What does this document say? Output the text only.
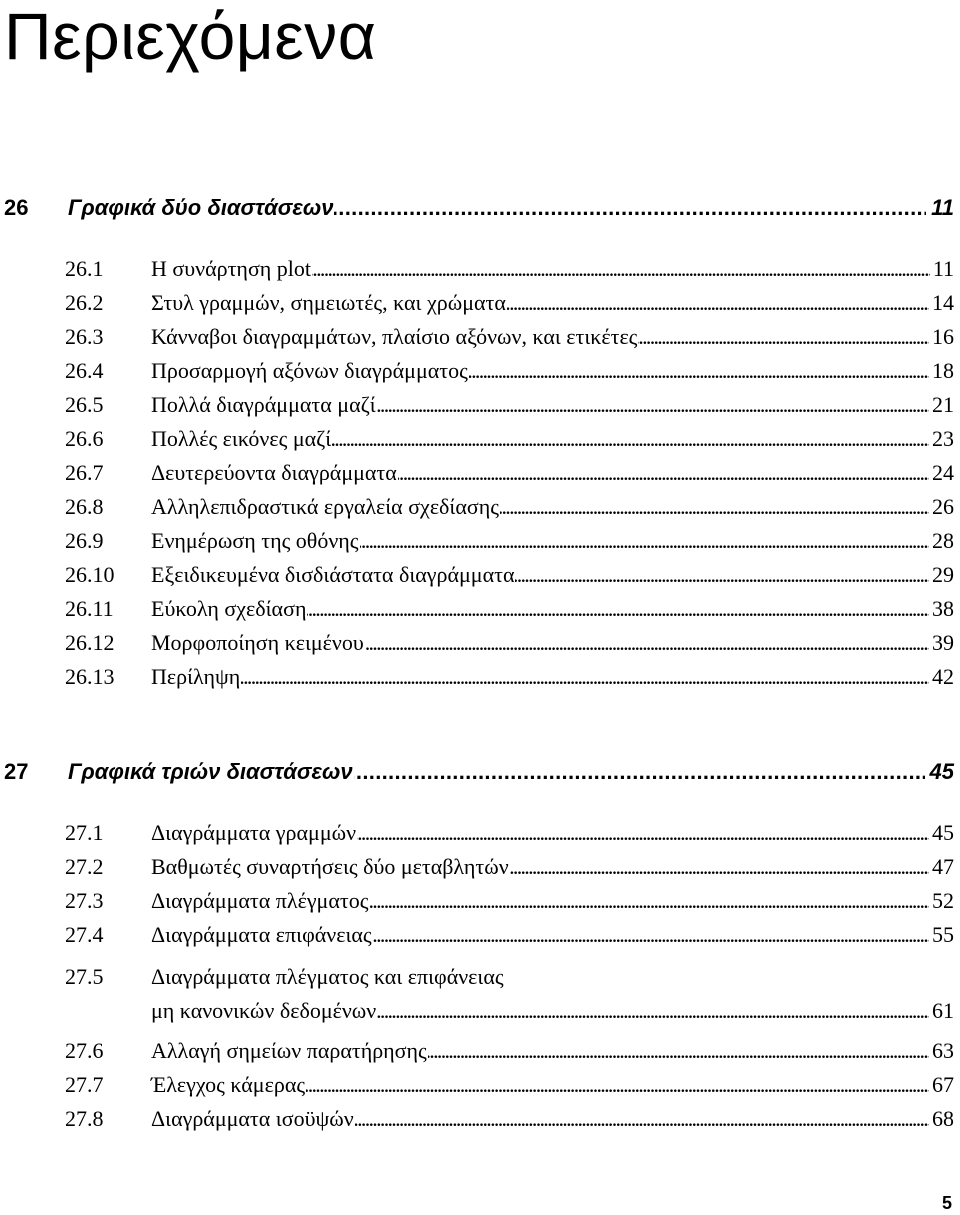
Περιεχόμενα
26	Γραφικά δύο διαστάσεων . . .	11
26.1	Η συνάρτηση plot . . .	11
26.2	Στυλ γραμμών, σημειωτές, και χρώματα . . .	14
26.3	Κάνναβοι διαγραμμάτων, πλαίσιο αξόνων, και ετικέτες . . .	16
26.4	Προσαρμογή αξόνων διαγράμματος . . .	18
26.5	Πολλά διαγράμματα μαζί . . .	21
26.6	Πολλές εικόνες μαζί . . .	23
26.7	Δευτερεύοντα διαγράμματα . . .	24
26.8	Αλληλεπιδραστικά εργαλεία σχεδίασης . . .	26
26.9	Ενημέρωση της οθόνης . . .	28
26.10	Εξειδικευμένα δισδιάστατα διαγράμματα . . .	29
26.11	Εύκολη σχεδίαση . . .	38
26.12	Μορφοποίηση κειμένου . . .	39
26.13	Περίληψη . . .	42
27	Γραφικά τριών διαστάσεων . . .	45
27.1	Διαγράμματα γραμμών . . .	45
27.2	Βαθμωτές συναρτήσεις δύο μεταβλητών . . .	47
27.3	Διαγράμματα πλέγματος . . .	52
27.4	Διαγράμματα επιφάνειας . . .	55
27.5	Διαγράμματα πλέγματος και επιφάνειας
μη κανονικών δεδομένων . . .	61
27.6	Αλλαγή σημείων παρατήρησης . . .	63
27.7	Έλεγχος κάμερας . . .	67
27.8	Διαγράμματα ισοϋψών . . .	68
5
